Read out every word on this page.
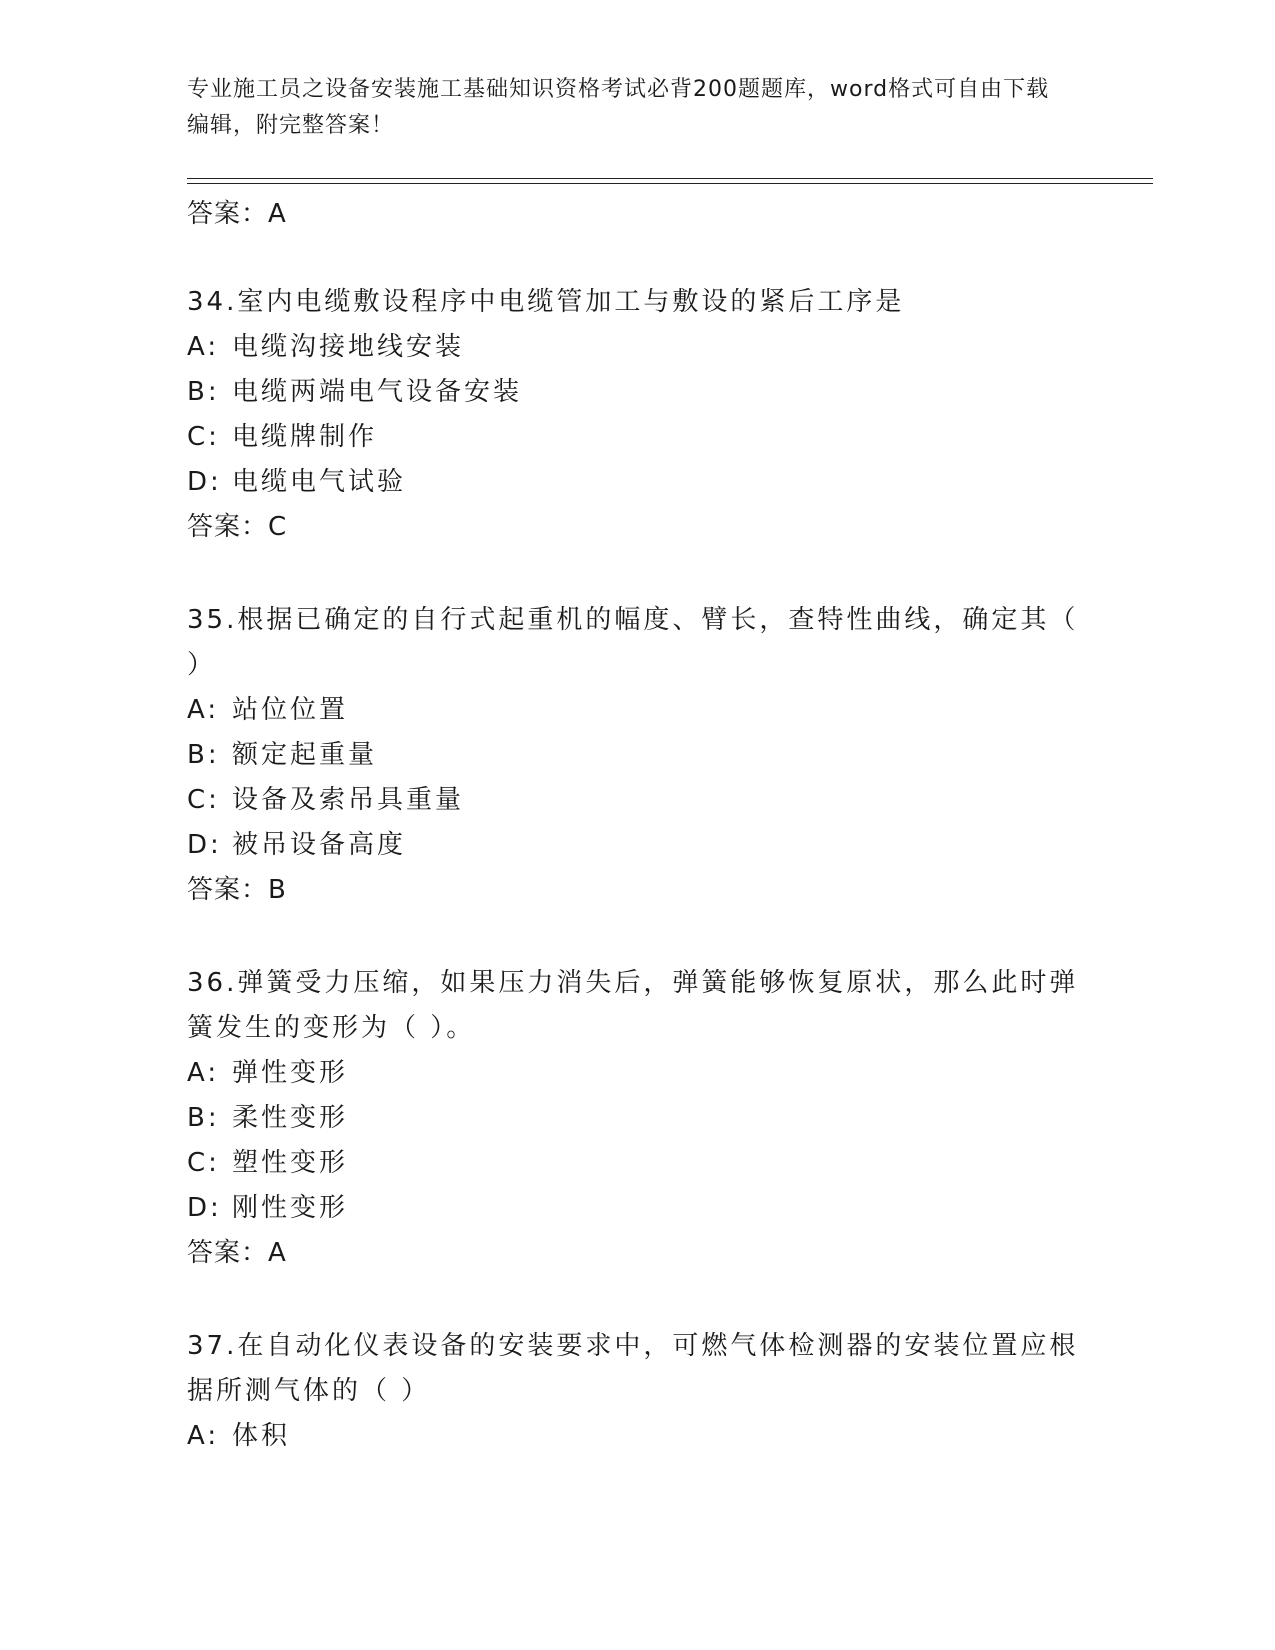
专业施工员之设备安装施工基础知识资格考试必背200题题库，word格式可自由下载编辑，附完整答案！
答案：A
34.室内电缆敷设程序中电缆管加工与敷设的紧后工序是
A: 电缆沟接地线安装
B: 电缆两端电气设备安装
C: 电缆牌制作
D: 电缆电气试验
答案：C
35.根据已确定的自行式起重机的幅度、臂长，查特性曲线，确定其（ ）
A: 站位位置
B: 额定起重量
C: 设备及索吊具重量
D: 被吊设备高度
答案：B
36.弹簧受力压缩，如果压力消失后，弹簧能够恢复原状，那么此时弹簧发生的变形为（ ）。
A: 弹性变形
B: 柔性变形
C: 塑性变形
D: 刚性变形
答案：A
37.在自动化仪表设备的安装要求中，可燃气体检测器的安装位置应根据所测气体的（ ）
A: 体积
